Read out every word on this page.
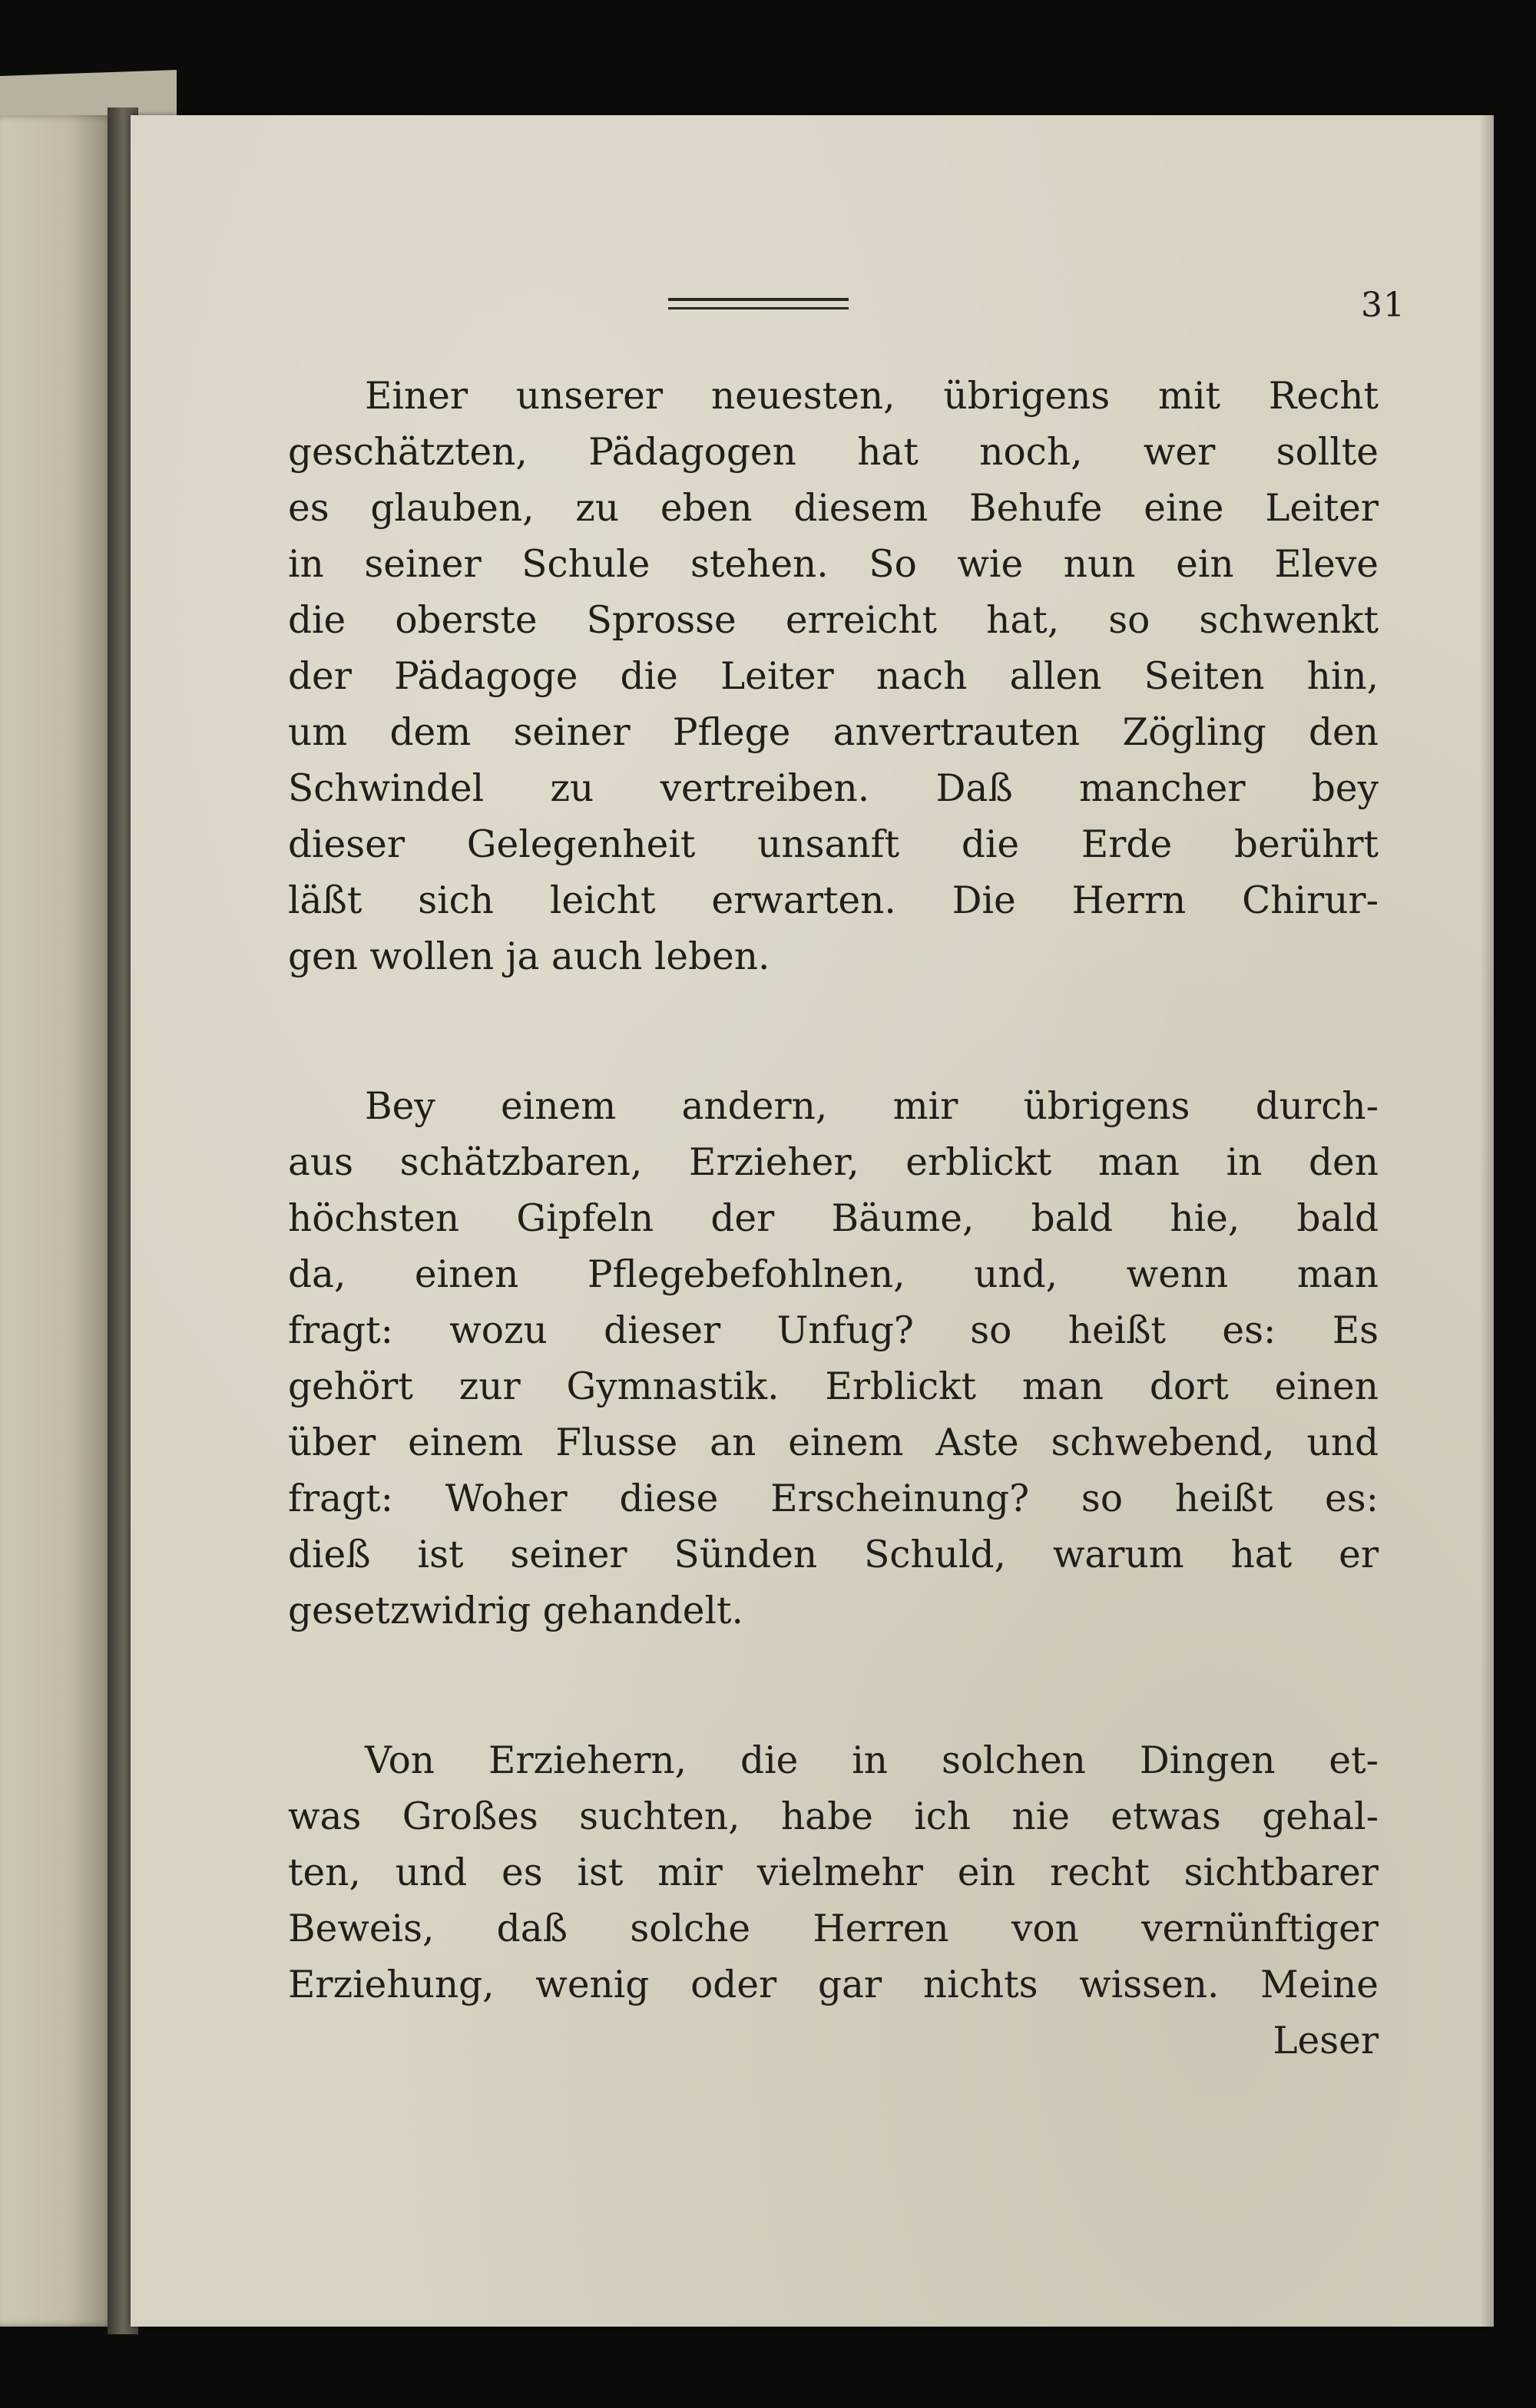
31
Einer unserer neuesten, übrigens mit Recht
geschätzten, Pädagogen hat noch, wer sollte
es glauben, zu eben diesem Behufe eine Leiter
in seiner Schule stehen. So wie nun ein Eleve
die oberste Sprosse erreicht hat, so schwenkt
der Pädagoge die Leiter nach allen Seiten hin,
um dem seiner Pflege anvertrauten Zögling den
Schwindel zu vertreiben. Daß mancher bey
dieser Gelegenheit unsanft die Erde berührt
läßt sich leicht erwarten. Die Herrn Chirur-
gen wollen ja auch leben.
Bey einem andern, mir übrigens durch-
aus schätzbaren, Erzieher, erblickt man in den
höchsten Gipfeln der Bäume, bald hie, bald
da, einen Pflegebefohlnen, und, wenn man
fragt: wozu dieser Unfug? so heißt es: Es
gehört zur Gymnastik. Erblickt man dort einen
über einem Flusse an einem Aste schwebend, und
fragt: Woher diese Erscheinung? so heißt es:
dieß ist seiner Sünden Schuld, warum hat er
gesetzwidrig gehandelt.
Von Erziehern, die in solchen Dingen et-
was Großes suchten, habe ich nie etwas gehal-
ten, und es ist mir vielmehr ein recht sichtbarer
Beweis, daß solche Herren von vernünftiger
Erziehung, wenig oder gar nichts wissen. Meine
Leser
